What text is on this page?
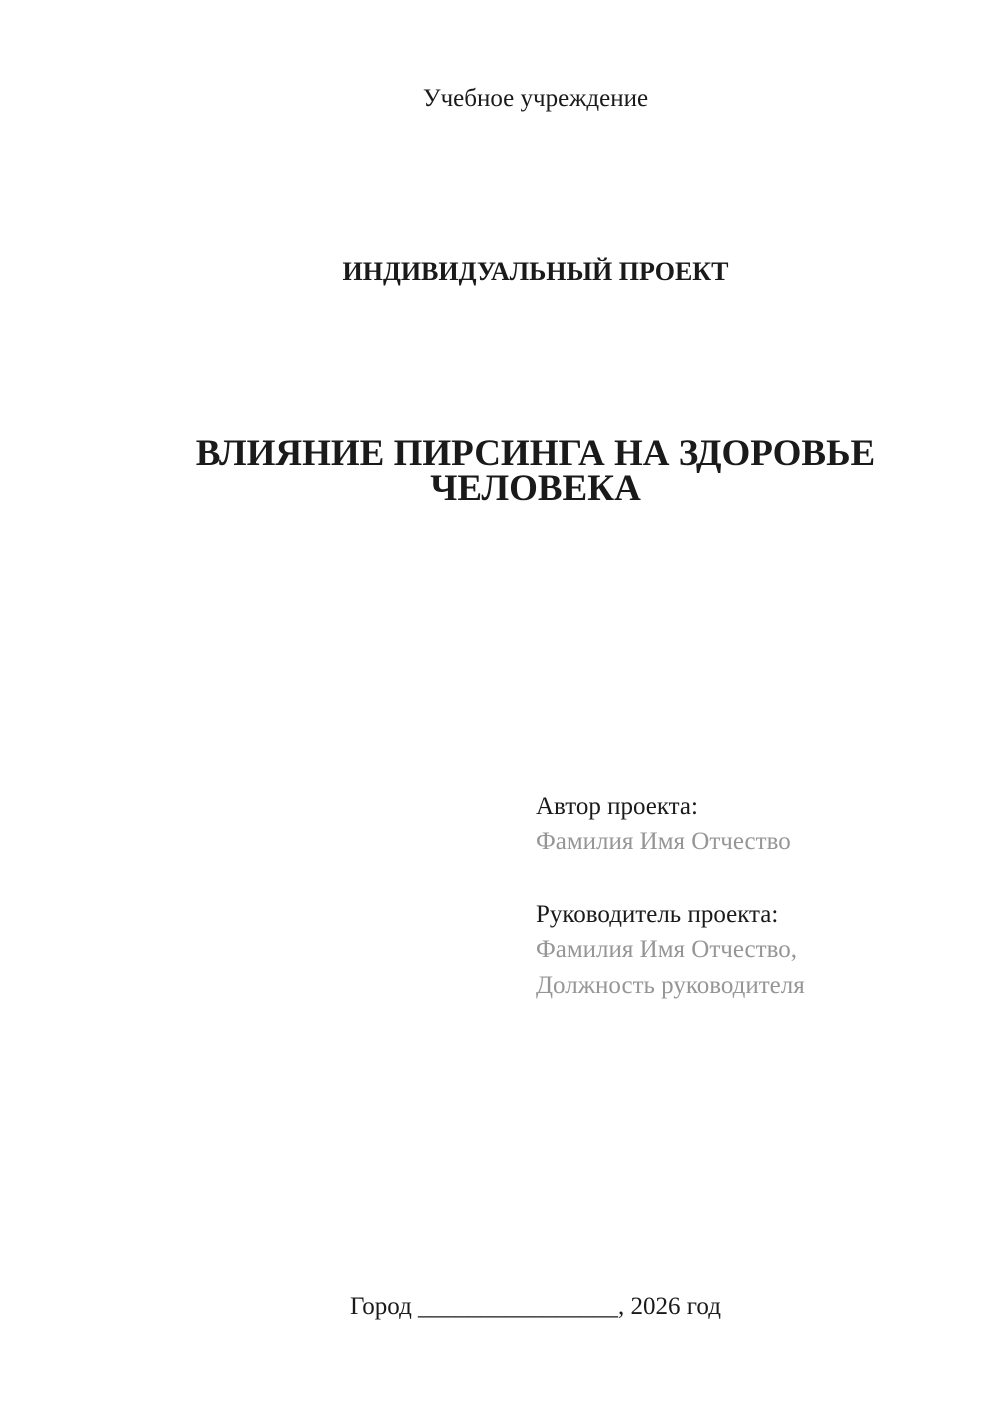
Учебное учреждение
ИНДИВИДУАЛЬНЫЙ ПРОЕКТ
ВЛИЯНИЕ ПИРСИНГА НА ЗДОРОВЬЕ
ЧЕЛОВЕКА
Автор проекта:
Фамилия Имя Отчество
Руководитель проекта:
Фамилия Имя Отчество,
Должность руководителя
Город ________________, 2026 год
